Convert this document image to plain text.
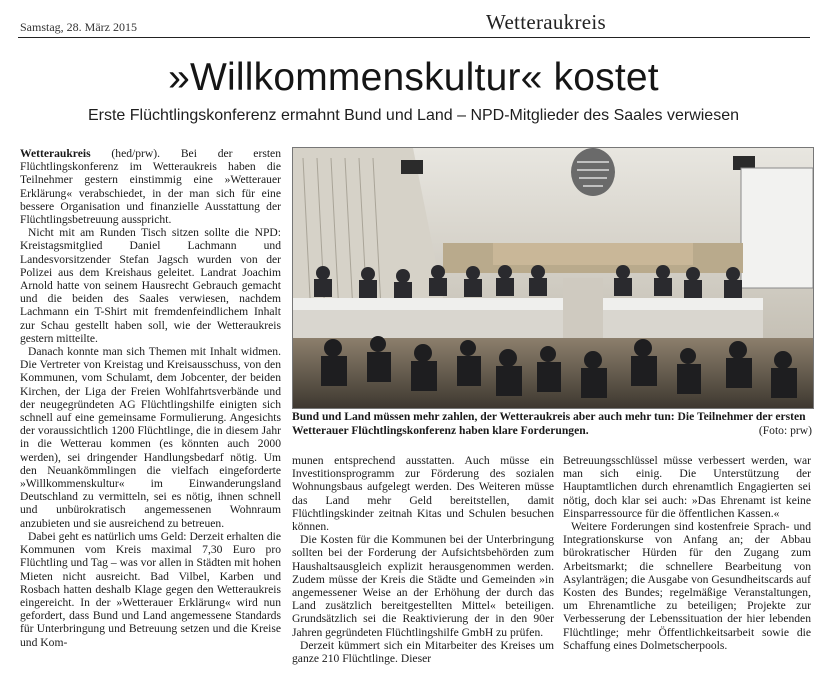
Samstag, 28. März 2015	Wetteraukreis
»Willkommenskultur« kostet
Erste Flüchtlingskonferenz ermahnt Bund und Land – NPD-Mitglieder des Saales verwiesen

Wetteraukreis (hed/prw). Bei der ersten Flüchtlingskonferenz im Wetteraukreis haben die Teilnehmer gestern einstimmig eine »Wetterauer Erklärung« verabschiedet, in der man sich für eine bessere Organisation und finanzielle Ausstattung der Flüchtlingsbetreuung ausspricht.

Nicht mit am Runden Tisch sitzen sollte die NPD: Kreistagsmitglied Daniel Lachmann und Landesvorsitzender Stefan Jagsch wurden von der Polizei aus dem Kreishaus geleitet. Landrat Joachim Arnold hatte von seinem Hausrecht Gebrauch gemacht und die beiden des Saales verwiesen, nachdem Lachmann ein T-Shirt mit fremdenfeindlichem Inhalt zur Schau gestellt haben soll, wie der Wetteraukreis gestern mitteilte.

Danach konnte man sich Themen mit Inhalt widmen. Die Vertreter von Kreistag und Kreisausschuss, von den Kommunen, vom Schulamt, dem Jobcenter, der beiden Kirchen, der Liga der Freien Wohlfahrtsverbände und der neugegründeten AG Flüchtlingshilfe einigten sich schnell auf eine gemeinsame Formulierung. Angesichts der voraussichtlich 1200 Flüchtlinge, die in diesem Jahr in die Wetterau kommen (es könnten auch 2000 werden), sei dringender Handlungsbedarf nötig. Um den Neuankömmlingen die vielfach eingeforderte »Willkommenskultur« im Einwanderungsland Deutschland zu vermitteln, sei es nötig, ihnen schnell und unbürokratisch angemessenen Wohnraum anzubieten und sie ausreichend zu betreuen.

Dabei geht es natürlich ums Geld: Derzeit erhalten die Kommunen vom Kreis maximal 7,30 Euro pro Flüchtling und Tag – was vor allen in Städten mit hohen Mieten nicht ausreicht. Bad Vilbel, Karben und Rosbach hatten deshalb Klage gegen den Wetteraukreis eingereicht. In der »Wetterauer Erklärung« wird nun gefordert, dass Bund und Land angemessene Standards für Unterbringung und Betreuung setzen und die Kreise und Kom-

Bund und Land müssen mehr zahlen, der Wetteraukreis aber auch mehr tun: Die Teilnehmer der ersten Wetterauer Flüchtlingskonferenz haben klare Forderungen.	(Foto: prw)

munen entsprechend ausstatten. Auch müsse ein Investitionsprogramm zur Förderung des sozialen Wohnungsbaus aufgelegt werden. Des Weiteren müsse das Land mehr Geld bereitstellen, damit Flüchtlingskinder zeitnah Kitas und Schulen besuchen können.

Die Kosten für die Kommunen bei der Unterbringung sollten bei der Forderung der Aufsichtsbehörden zum Haushaltsausgleich explizit herausgenommen werden. Zudem müsse der Kreis die Städte und Gemeinden »in angemessener Weise an der Erhöhung der durch das Land zusätzlich bereitgestellten Mittel« beteiligen. Grundsätzlich sei die Reaktivierung der in den 90er Jahren gegründeten Flüchtlingshilfe GmbH zu prüfen.

Derzeit kümmert sich ein Mitarbeiter des Kreises um ganze 210 Flüchtlinge. Dieser

Betreuungsschlüssel müsse verbessert werden, war man sich einig. Die Unterstützung der Hauptamtlichen durch ehrenamtlich Engagierten sei nötig, doch klar sei auch: »Das Ehrenamt ist keine Einsparressource für die öffentlichen Kassen.«

Weitere Forderungen sind kostenfreie Sprach- und Integrationskurse von Anfang an; der Abbau bürokratischer Hürden für den Zugang zum Arbeitsmarkt; die schnellere Bearbeitung von Asylanträgen; die Ausgabe von Gesundheitscards auf Kosten des Bundes; regelmäßige Veranstaltungen, um Ehrenamtliche zu beteiligen; Projekte zur Verbesserung der Lebenssituation der hier lebenden Flüchtlinge; mehr Öffentlichkeitsarbeit sowie die Schaffung eines Dolmetscherpools.
